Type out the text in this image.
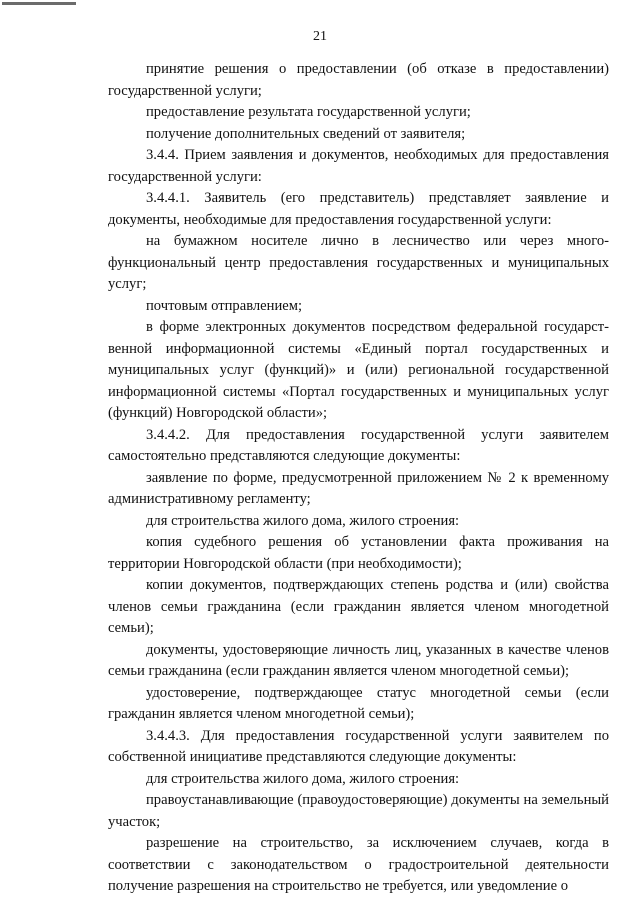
21

принятие решения о предоставлении (об отказе в предоставлении) государственной услуги;

предоставление результата государственной услуги;

получение дополнительных сведений от заявителя;

3.4.4. Прием заявления и документов, необходимых для предоставления государственной услуги:

3.4.4.1. Заявитель (его представитель) представляет заявление и документы, необходимые для предоставления государственной услуги:

на бумажном носителе лично в лесничество или через много-функциональный центр предоставления государственных и муниципальных услуг;

почтовым отправлением;

в форме электронных документов посредством федеральной государст-венной информационной системы «Единый портал государственных и муниципальных услуг (функций)» и (или) региональной государственной информационной системы «Портал государственных и муниципальных услуг (функций) Новгородской области»;

3.4.4.2. Для предоставления государственной услуги заявителем самостоятельно представляются следующие документы:

заявление по форме, предусмотренной приложением № 2 к временному административному регламенту;

для строительства жилого дома, жилого строения:

копия судебного решения об установлении факта проживания на территории Новгородской области (при необходимости);

копии документов, подтверждающих степень родства и (или) свойства членов семьи гражданина (если гражданин является членом многодетной семьи);

документы, удостоверяющие личность лиц, указанных в качестве членов семьи гражданина (если гражданин является членом многодетной семьи);

удостоверение, подтверждающее статус многодетной семьи (если гражданин является членом многодетной семьи);

3.4.4.3. Для предоставления государственной услуги заявителем по собственной инициативе представляются следующие документы:

для строительства жилого дома, жилого строения:

правоустанавливающие (правоудостоверяющие) документы на земельный участок;

разрешение на строительство, за исключением случаев, когда в соответствии с законодательством о градостроительной деятельности получение разрешения на строительство не требуется, или уведомление о
